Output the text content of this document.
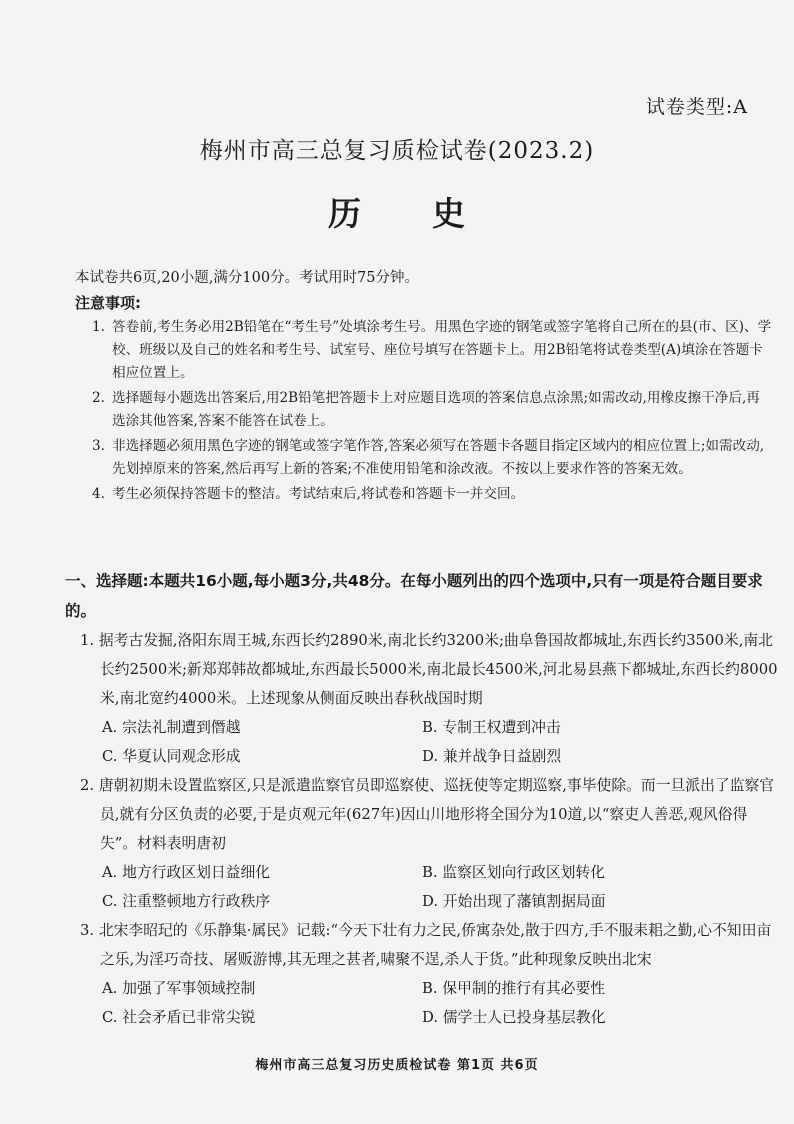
试卷类型:A
梅州市高三总复习质检试卷(2023.2)
历 史
本试卷共6页,20小题,满分100分。考试用时75分钟。
注意事项:
1. 答卷前,考生务必用2B铅笔在“考生号”处填涂考生号。用黑色字迹的钢笔或签字笔将自己所在的县(市、区)、学校、班级以及自己的姓名和考生号、试室号、座位号填写在答题卡上。用2B铅笔将试卷类型(A)填涂在答题卡相应位置上。
2. 选择题每小题选出答案后,用2B铅笔把答题卡上对应题目选项的答案信息点涂黑;如需改动,用橡皮擦干净后,再选涂其他答案,答案不能答在试卷上。
3. 非选择题必须用黑色字迹的钢笔或签字笔作答,答案必须写在答题卡各题目指定区域内的相应位置上;如需改动,先划掉原来的答案,然后再写上新的答案;不准使用铅笔和涂改液。不按以上要求作答的答案无效。
4. 考生必须保持答题卡的整洁。考试结束后,将试卷和答题卡一并交回。
一、选择题:本题共16小题,每小题3分,共48分。在每小题列出的四个选项中,只有一项是符合题目要求的。
1. 据考古发掘,洛阳东周王城,东西长约2890米,南北长约3200米;曲阜鲁国故都城址,东西长约3500米,南北长约2500米;新郑郑韩故都城址,东西最长5000米,南北最长4500米,河北易县燕下都城址,东西长约8000米,南北宽约4000米。上述现象从侧面反映出春秋战国时期
A. 宗法礼制遭到僭越	B. 专制王权遭到冲击
C. 华夏认同观念形成	D. 兼并战争日益剧烈
2. 唐朝初期未设置监察区,只是派遣监察官员即巡察使、巡抚使等定期巡察,事毕使除。而一旦派出了监察官员,就有分区负责的必要,于是贞观元年(627年)因山川地形将全国分为10道,以“察吏人善恶,观风俗得失”。材料表明唐初
A. 地方行政区划日益细化	B. 监察区划向行政区划转化
C. 注重整顿地方行政秩序	D. 开始出现了藩镇割据局面
3. 北宋李昭玘的《乐静集·属民》记载:“今天下壮有力之民,侨寓杂处,散于四方,手不服耒耜之勤,心不知田亩之乐,为淫巧奇技、屠贩游博,其无理之甚者,啸聚不逞,杀人于货。”此种现象反映出北宋
A. 加强了军事领域控制	B. 保甲制的推行有其必要性
C. 社会矛盾已非常尖锐	D. 儒学士人已投身基层教化
梅州市高三总复习历史质检试卷 第1页 共6页
